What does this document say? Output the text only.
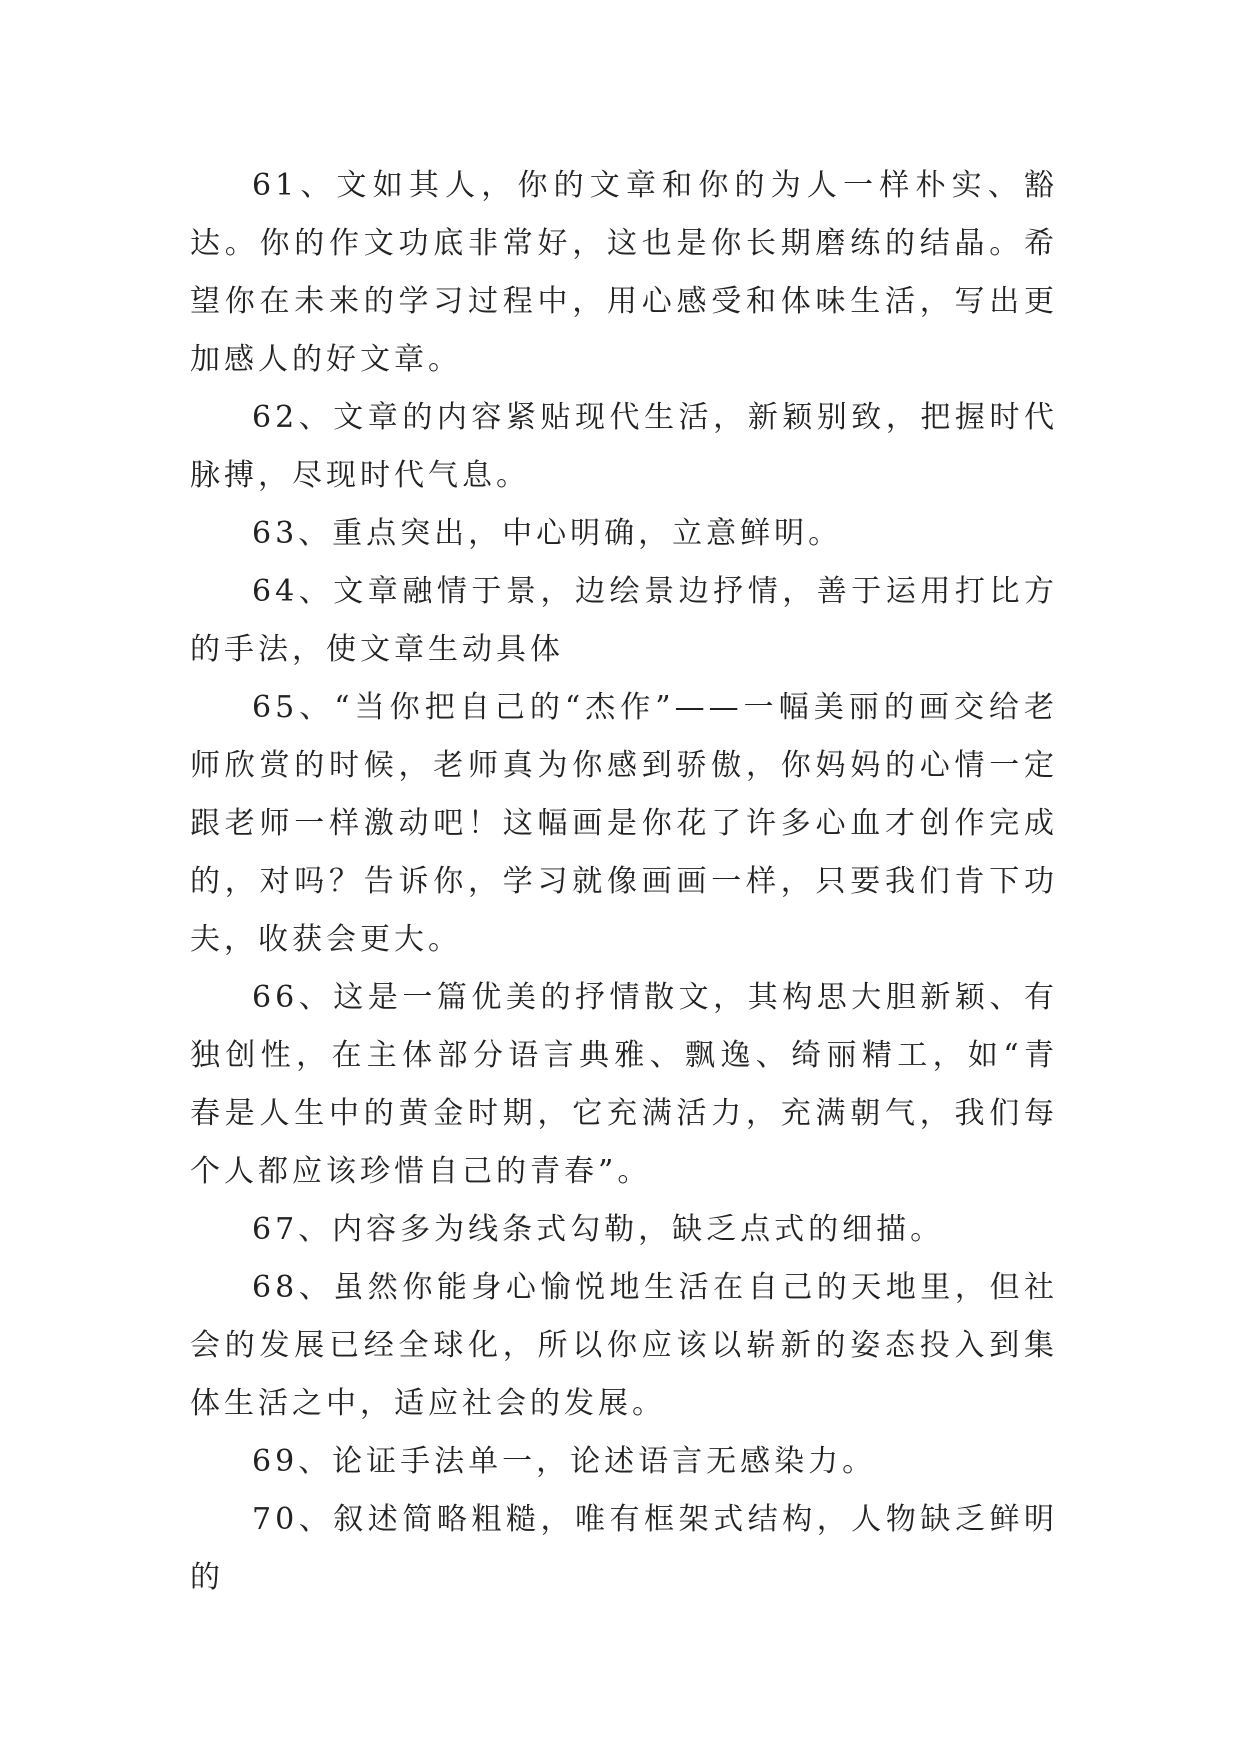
61、文如其人，你的文章和你的为人一样朴实、豁达。你的作文功底非常好，这也是你长期磨练的结晶。希望你在未来的学习过程中，用心感受和体味生活，写出更加感人的好文章。

62、文章的内容紧贴现代生活，新颖别致，把握时代脉搏，尽现时代气息。

63、重点突出，中心明确，立意鲜明。

64、文章融情于景，边绘景边抒情，善于运用打比方的手法，使文章生动具体

65、“当你把自己的“杰作”——一幅美丽的画交给老师欣赏的时候，老师真为你感到骄傲，你妈妈的心情一定跟老师一样激动吧！这幅画是你花了许多心血才创作完成的，对吗？告诉你，学习就像画画一样，只要我们肯下功夫，收获会更大。

66、这是一篇优美的抒情散文，其构思大胆新颖、有独创性，在主体部分语言典雅、飘逸、绮丽精工，如“青春是人生中的黄金时期，它充满活力，充满朝气，我们每个人都应该珍惜自己的青春”。

67、内容多为线条式勾勒，缺乏点式的细描。

68、虽然你能身心愉悦地生活在自己的天地里，但社会的发展已经全球化，所以你应该以崭新的姿态投入到集体生活之中，适应社会的发展。

69、论证手法单一，论述语言无感染力。

70、叙述简略粗糙，唯有框架式结构，人物缺乏鲜明的
